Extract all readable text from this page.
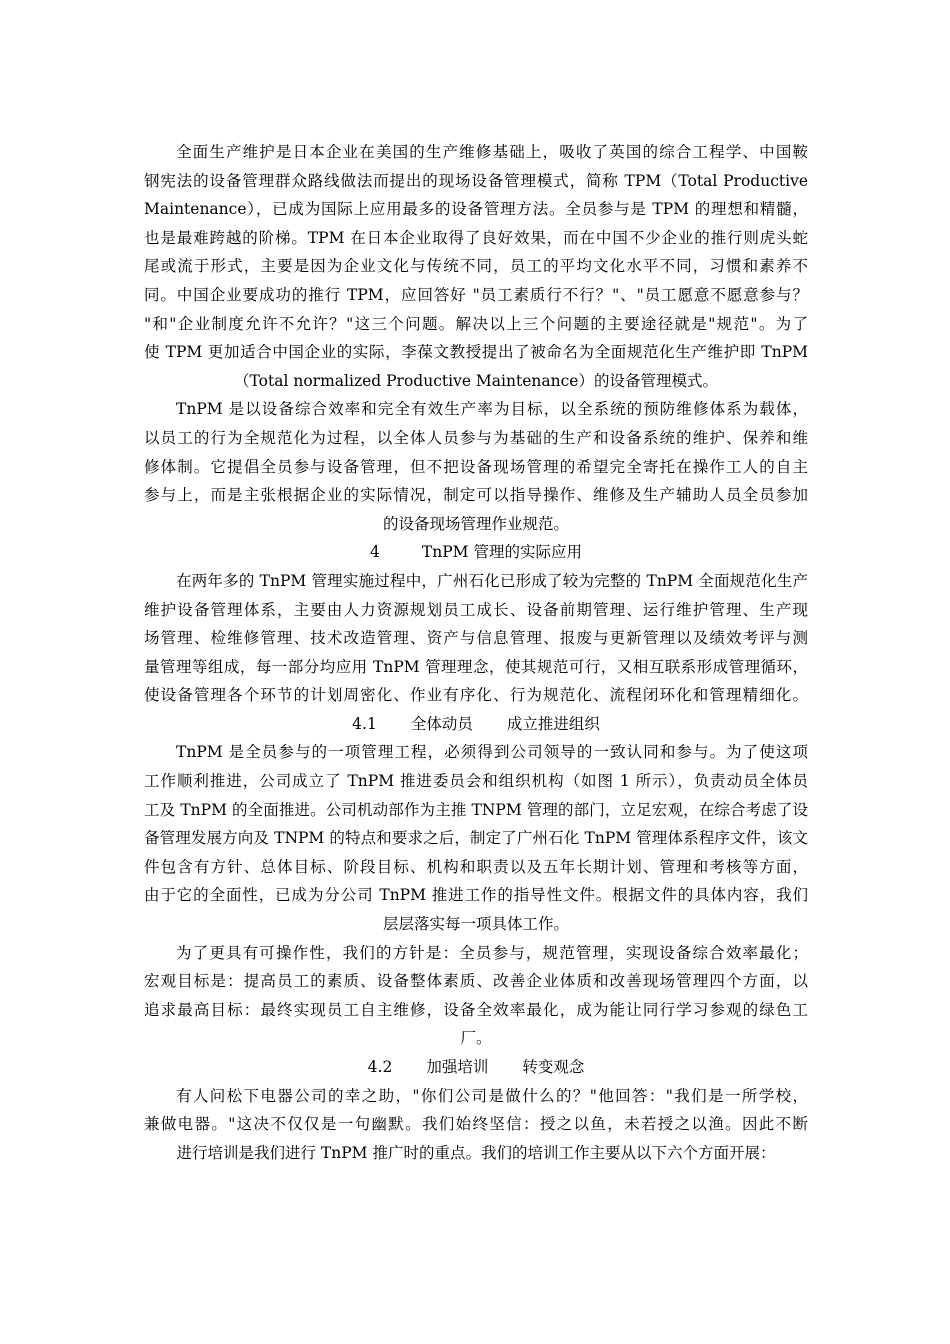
全面生产维护是日本企业在美国的生产维修基础上，吸收了英国的综合工程学、中国鞍
钢宪法的设备管理群众路线做法而提出的现场设备管理模式，简称 TPM（Total Productive
Maintenance），已成为国际上应用最多的设备管理方法。全员参与是 TPM 的理想和精髓，
也是最难跨越的阶梯。TPM 在日本企业取得了良好效果，而在中国不少企业的推行则虎头蛇
尾或流于形式，主要是因为企业文化与传统不同，员工的平均文化水平不同，习惯和素养不
同。中国企业要成功的推行 TPM，应回答好 "员工素质行不行？"、"员工愿意不愿意参与？
"和"企业制度允许不允许？"这三个问题。解决以上三个问题的主要途径就是"规范"。为了
使 TPM 更加适合中国企业的实际，李葆文教授提出了被命名为全面规范化生产维护即 TnPM
（Total normalized Productive Maintenance）的设备管理模式。
TnPM 是以设备综合效率和完全有效生产率为目标，以全系统的预防维修体系为载体，
以员工的行为全规范化为过程，以全体人员参与为基础的生产和设备系统的维护、保养和维
修体制。它提倡全员参与设备管理，但不把设备现场管理的希望完全寄托在操作工人的自主
参与上，而是主张根据企业的实际情况，制定可以指导操作、维修及生产辅助人员全员参加
的设备现场管理作业规范。
4	TnPM 管理的实际应用
在两年多的 TnPM 管理实施过程中，广州石化已形成了较为完整的 TnPM 全面规范化生产
维护设备管理体系，主要由人力资源规划员工成长、设备前期管理、运行维护管理、生产现
场管理、检维修管理、技术改造管理、资产与信息管理、报废与更新管理以及绩效考评与测
量管理等组成，每一部分均应用 TnPM 管理理念，使其规范可行，又相互联系形成管理循环，
使设备管理各个环节的计划周密化、作业有序化、行为规范化、流程闭环化和管理精细化。
4.1 全体动员 成立推进组织
TnPM 是全员参与的一项管理工程，必须得到公司领导的一致认同和参与。为了使这项
工作顺利推进，公司成立了 TnPM 推进委员会和组织机构（如图 1 所示），负责动员全体员
工及 TnPM 的全面推进。公司机动部作为主推 TNPM 管理的部门，立足宏观，在综合考虑了设
备管理发展方向及 TNPM 的特点和要求之后，制定了广州石化 TnPM 管理体系程序文件，该文
件包含有方针、总体目标、阶段目标、机构和职责以及五年长期计划、管理和考核等方面，
由于它的全面性，已成为分公司 TnPM 推进工作的指导性文件。根据文件的具体内容，我们
层层落实每一项具体工作。
为了更具有可操作性，我们的方针是：全员参与，规范管理，实现设备综合效率最化；
宏观目标是：提高员工的素质、设备整体素质、改善企业体质和改善现场管理四个方面，以
追求最高目标：最终实现员工自主维修，设备全效率最化，成为能让同行学习参观的绿色工
厂。
4.2 加强培训 转变观念
有人问松下电器公司的幸之助，"你们公司是做什么的？"他回答："我们是一所学校，
兼做电器。"这决不仅仅是一句幽默。我们始终坚信：授之以鱼，未若授之以渔。因此不断
进行培训是我们进行 TnPM 推广时的重点。我们的培训工作主要从以下六个方面开展：
